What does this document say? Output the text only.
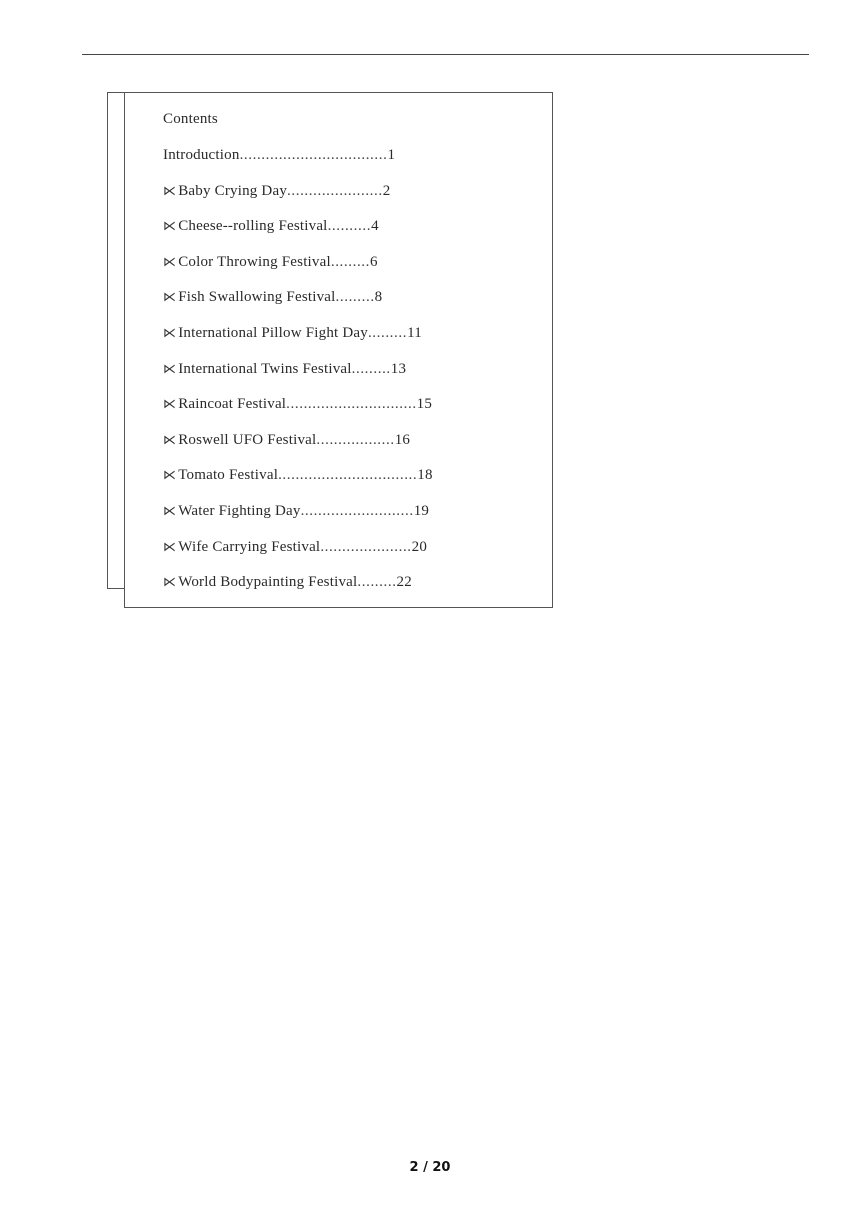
Contents
Introduction .................................. 1
⋉ Baby Crying Day ...................... 2
⋉ Cheese--rolling Festival .......... 4
⋉ Color Throwing Festival ......... 6
⋉ Fish Swallowing Festival ......... 8
⋉ International Pillow Fight Day ......... 11
⋉ International Twins Festival ......... 13
⋉ Raincoat Festival .............................. 15
⋉ Roswell UFO Festival .................. 16
⋉ Tomato Festival ................................ 18
⋉ Water Fighting Day .......................... 19
⋉ Wife Carrying Festival ..................... 20
⋉ World Bodypainting Festival ......... 22
2 / 20
